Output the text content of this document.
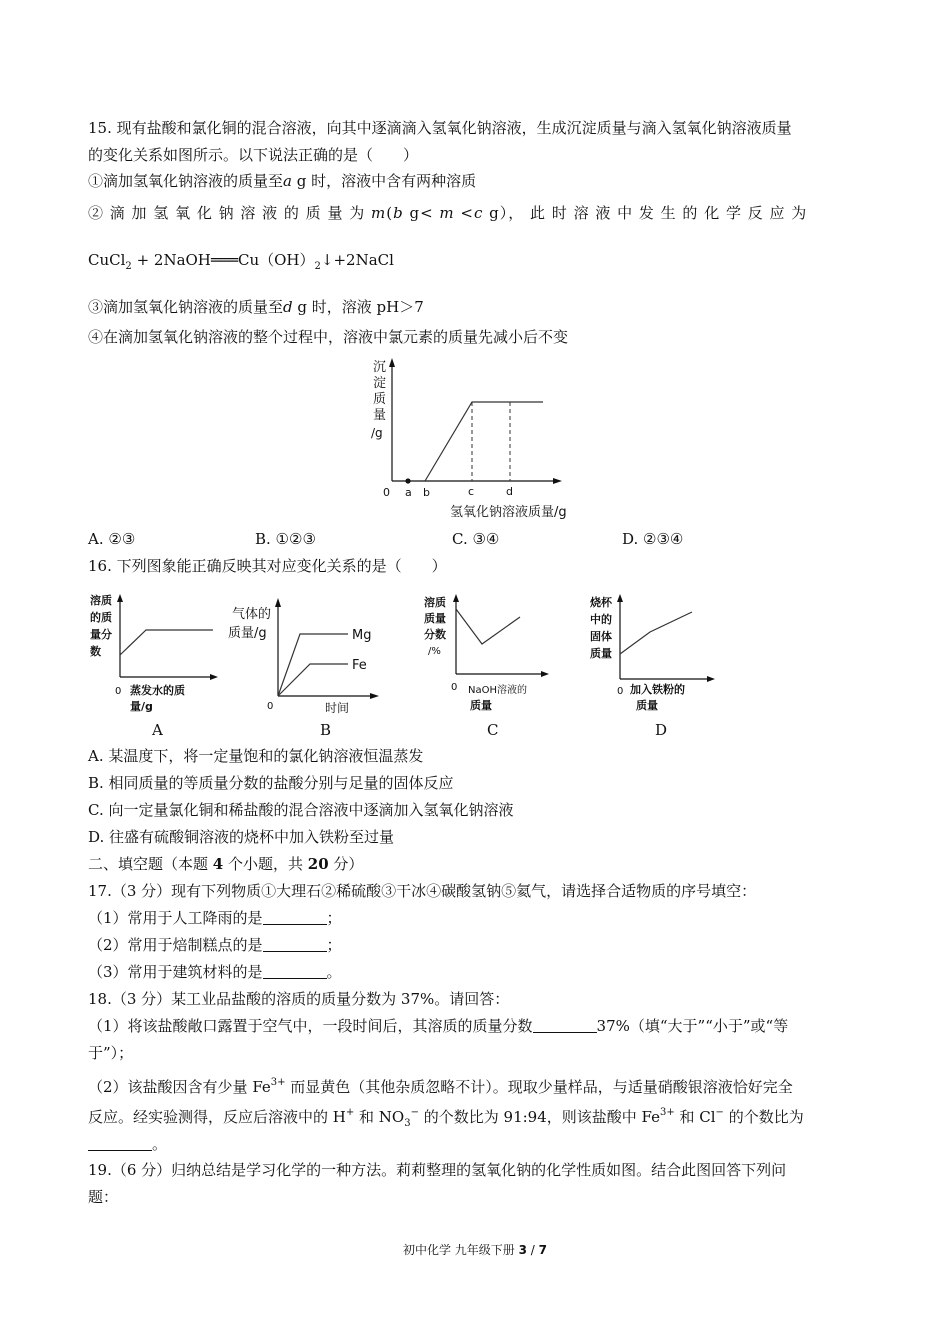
15. 现有盐酸和氯化铜的混合溶液，向其中逐滴滴入氢氧化钠溶液，生成沉淀质量与滴入氢氧化钠溶液质量
的变化关系如图所示。以下说法正确的是（　　）
①滴加氢氧化钠溶液的质量至a g 时，溶液中含有两种溶质
② 滴 加 氢 氧 化 钠 溶 液 的 质 量 为 m(b g< m <c g）， 此 时 溶 液 中 发 生 的 化 学 反 应 为
CuCl$_2$ + $2NaOH═══Cu(OH)_2↓+2NaCl$
③滴加氢氧化钠溶液的质量至d g 时，溶液 pH＞7
④在滴加氢氧化钠溶液的整个过程中，溶液中氯元素的质量先减小后不变
沉
淀
质
量
/g
0 a b	c	d
氢氧化钠溶液质量/g
A. ②③	B. ①②③	C. ③④	D. ②③④
16. 下列图象能正确反映其对应变化关系的是（　　）
溶质
的质
量分
数
0 蒸发水的质
量/g
气体的
质量/g	Mg
Fe
0	时间
溶质
质量
分数
/%
0 NaOH溶液的
质量
烧杯
中的
固体
质量
0 加入铁粉的
质量
A	B	C	D
A. 某温度下，将一定量饱和的氯化钠溶液恒温蒸发
B. 相同质量的等质量分数的盐酸分别与足量的固体反应
C. 向一定量氯化铜和稀盐酸的混合溶液中逐滴加入氢氧化钠溶液
D. 往盛有硫酸铜溶液的烧杯中加入铁粉至过量
二、填空题（本题 4 个小题，共 20 分）
17.（3 分）现有下列物质①大理石②稀硫酸③干冰④碳酸氢钠⑤氦气，请选择合适物质的序号填空：
（1）常用于人工降雨的是	；
（2）常用于焙制糕点的是	；
（3）常用于建筑材料的是	。
18.（3 分）某工业品盐酸的溶质的质量分数为 37%。请回答：
（1）将该盐酸敞口露置于空气中，一段时间后，其溶质的质量分数	37%（填“大于”“小于”或“等
于”）；
（2）该盐酸因含有少量 $Fe^{3+}$ 而显黄色（其他杂质忽略不计）。现取少量样品，与适量硝酸银溶液恰好完全
反应。经实验测得，反应后溶液中的 H+ 和 $NO_3^-$ 的个数比为 91:94，则该盐酸中 $Fe^{3+}$ 和 Cl− 的个数比为
。
19.（6 分）归纳总结是学习化学的一种方法。莉莉整理的氢氧化钠的化学性质如图。结合此图回答下列问
题：
初中化学 九年级下册 3 / 7
